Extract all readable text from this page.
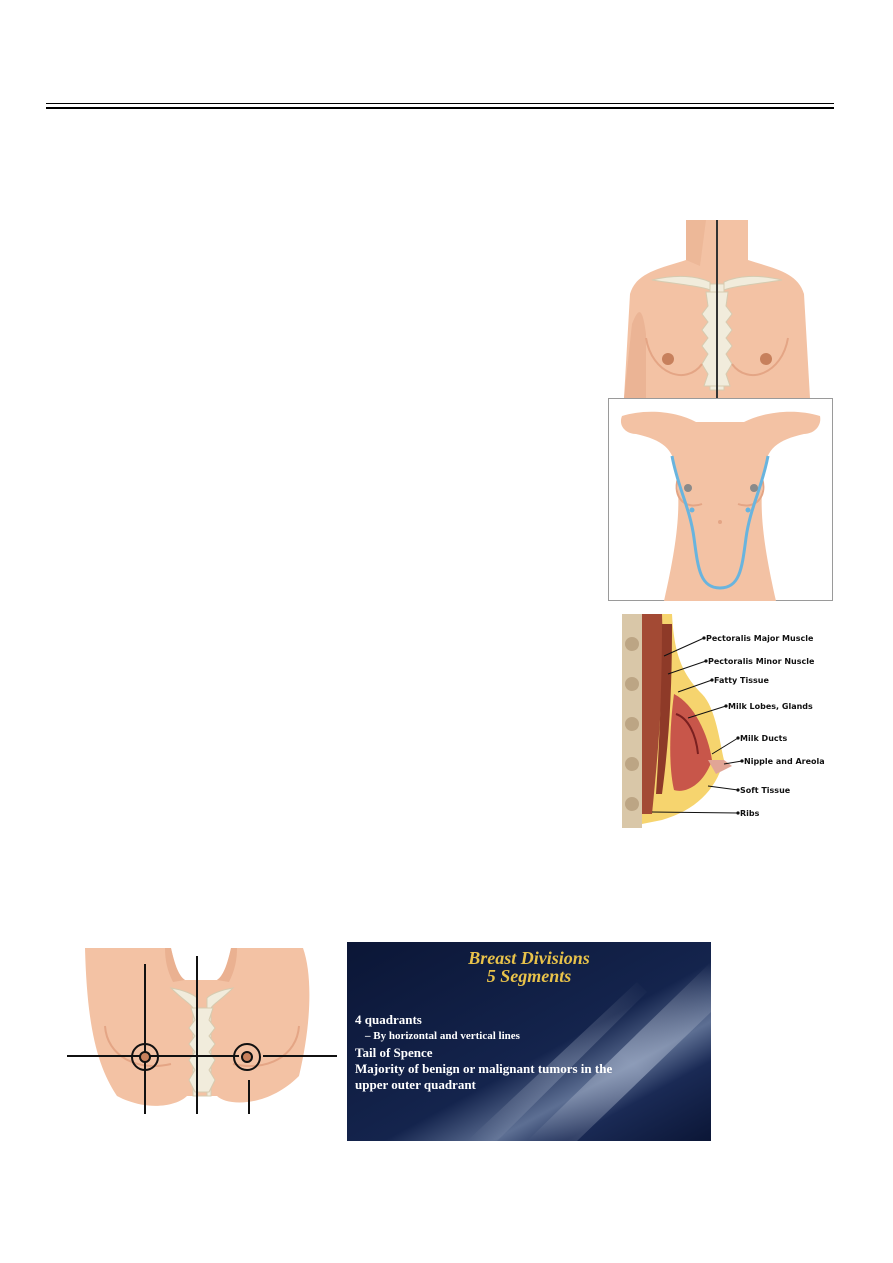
Pectoralis Major Muscle
Pectoralis Minor Nuscle
Fatty Tissue
Milk Lobes, Glands
Milk Ducts
Nipple and Areola
Soft Tissue
Ribs
Breast Divisions
5 Segments
4 quadrants
– By horizontal and vertical lines
Tail of Spence
Majority of benign or malignant tumors in the
upper outer quadrant
